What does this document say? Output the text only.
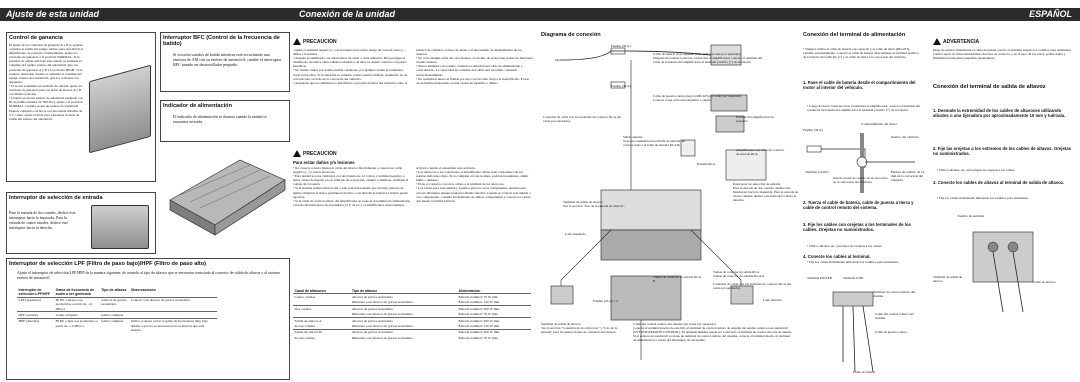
Ajuste de esta unidad
Control de ganancia
El ajuste de los controles de ganancia A y B le ayudan a igualar la salida del equipo estéreo para automóvil al amplificador de potencia. Normalmente, ajuste los controles de ganancia a la posición NORMAL. Si la potencia de salida está baja aún cuando se aumenta el volumen del equipo estéreo del automóvil, gire los controles de ganancia A y B a la posición HIGH. Si se produce distorsión cuando se aumenta el volumen del equipo estéreo del automóvil, gire los controles a la izquierda.
• Si se usa solamente un enchufe de entrada, ajuste los controles de ganancia para los lados de altavoz A y B a la misma posición.
• Cuando se usa un estéreo de automóvil equipado con RCA (salida estándar de 500 mV), ajuste a la posición NORMAL. Cuando se usa un estéreo de automóvil Pioneer equipado con RCA con una salida máxima de 4 V o más, ajuste el nivel para adecuarse al nivel de salida del estéreo del automóvil.
Interruptor BFC (Control de la frecuencia de batido)
Si escucha sonidos de batido mientras está escuchando una emisora de AM con su estéreo de automóvil, cambie el interruptor BFC usando un destornillador pequeño.
Indicador de alimentación
El indicador de alimentación se ilumina cuando la unidad se encuentra activada.
Interruptor de selección de entrada
Pase la entrada de dos canales, deslice este interruptor hacia la izquierda. Para la entrada de cuatro canales, deslice este interruptor hacia la derecha.
Interruptor de selección LPF (Filtro de paso bajo)/HPF (Filtro de paso alto)
Ajuste el interruptor de selección LPF/HPF de la manera siguiente, de acuerdo al tipo de altavoz que se encuentra conectado al conector de salida de altavoz y al sistema estéreo de automóvil.
Interruptor de selección LPF/HPF	Gama de frecuencia de audio a ser generada	Tipo de altavoz	Observaciones
LPF (izquierda)	80 Hz o menos son producidos a partir de –12 dB/oct.	Altavoz de graves secundario	Conecte a un altavoz de graves secundario
OFF (central)	Gama completa	Gama completa	
HPF (derecha)	80 Hz o más son producidos a partir de –12 dB/oct.	Gama completa	Utilice si desea cortar la gama de frecuencias muy baja debido a que no es necesaria para el altavoz que está usando.
Conexión de la unidad	ESPAÑOL
PRECAUCION
• Quite el terminal negativo (–) de la batería para evitar riesgo de cortocircuitos y daños a la unidad.
• Asegure el alambrado con abrazaderas de cable o cinta adhesiva. Para proteger el alambrado, envuelva cinta adhesiva alrededor de ellos en donde contacta con partes metálicas.
• No instale cables por donde puedan calentarse, por ejemplo donde el calentador sopla sobre ellos. Si la aislación se calienta, podría resultar dañada, resultando en un cortocircuito a través de la carrocería del vehículo.
• Asegúrese que los alambres no interfieran con partes móviles del vehículo como la palanca de cambios, el freno de mano o el mecanismo de deslizamiento de los asientos.
• No corte ningún cable. De otra manera, el circuito de protección podría no funcionar cuando debiera.
• Nunca alimente otro equipo cortando la aislación del cable de alimentación y conectándolo. La capacidad de corriente del cable será excedida, causando sobrecalentamiento.
• No reemplace nunca el fusible por uno con un valor mayor al especificado. El uso de un fusible inadecuado podría causar un incendio o daños.
PRECAUCION
Para evitar daños y/o lesiones
• No conecte a tierra (masa) el cable del altavoz directamente o conecte un cable negativo (–) a varios altavoces.
• Esta unidad es para vehículos con una batería de 12 voltios y terminal negativo a tierra. Antes de instalar en un vehículo de recreación, camión o ómnibus, verifique el voltaje de la batería.
• Si el sistema estéreo/altavoz del coche está funcionando por un largo período de tiempo mientras el motor permanece inactivo o en marcha al ralentí, la batería puede agotarse.
• Si el cable de control remoto del amplificador se conecta al terminal de alimentación a través del interruptor de encendido (12 V de CC), el amplificador estará siempre activado cuando el encendido esté activado.
• Los altavoces a ser conectados al amplificador deben estar conformes con las normas indicadas abajo. Si no cumplen con las normas, podrían incendiarse, emitir humo o dañarse.
• Evite el contacto con otros cables a la terminal de los altavoces.
• Los cables para esta unidad y aquéllos para los otros componentes pueden tener colores diferentes aunque tengan la misma función. Cuando se conecta esta unidad a otro componente, consulte los manuales de ambos componentes y conecte los cables que tienen la misma función.
Canal de altavoces	Tipo de altavoz	Alimentación
Cuatro canales	Altavoz de graves secundario	Entrada nominal: 70 W mín.
	Diferente a un altavoz de graves secundario	Entrada nominal: 120 W mín.
Dos canales	Altavoz de graves secundario	Entrada nominal: 200 W mín.
	Diferente a un altavoz de graves secundario	Entrada nominal: 70 W mín.
Salida de altavoz A	Altavoz de graves secundario	Entrada nominal: 200 W mín.
de tres canales	Diferente a un altavoz de graves secundario	Entrada nominal: 120 W mín.
Salida de altavoz B	Altavoz de graves secundario	Entrada nominal: 300 W mín.
de tres canales	Diferente a un altavoz de graves secundario	Entrada nominal: 70 W mín.
Diagrama de conexión
Fusible (30 A)
Ojal
Fusible (30 A)
Cable de batería (rojo especial (RD-223) (en venta por separado)
Después de realizar todas las conexiones al amplificador, conecte el terminal del cable de la batería del amplificador al terminal positivo (+) de la batería.
Cable de puesta a tierra (negro (RD-223) (en venta por separado)
Conecte a una carrocería metálica o chasis.
Conexión de cable con los enchufes de conector RCA (en venta por separado).
Salida externa
Si se usa solamente un enchufe de entrada, no conecte nada a la toma de entrada RCA B.
Entrada RCA
Entrada del amplificador de potencia
Amplificador con toma de conector de entrada RCA
Interruptor de selección de entrada
Para la entrada de dos canales, deslice este interruptor hacia la izquierda. Para la entrada de cuatro canales, deslice este interruptor hacia la derecha.
Terminal de salida de altavoz
Vea la sección "Uso de la entrada de altavoz".
Lado izquierdo
Lado derecho
Tomas de conector de entrada RCA B
Tomas de conector de salida RCA
Tomas de conector de entrada RCA A
Fusible (25 A) × 2
Conexión de cable con los enchufes de conector RCA (en venta por separado).
Terminal de salida de altavoz
Vea la sección "Conexión de los altavoces" y "Uso de la entrada" para las instrucciones de conexión del altavoz.
Cable del control remoto del sistema (en venta por separado)
Conecte el terminal macho de este hilo al terminal de control remoto de sistema del equipo estéreo para automóvil (SYSTEM REMOTE CONTROL). El terminal hembra puede ser conectado al terminal de control del relé de antena. Si el estéreo de automóvil no tiene un terminal de control remoto del sistema, conecte el terminal macho al terminal de alimentación a través del interruptor de encendido.
Conexión del terminal de alimentación
• Siempre utilice el cable de batería rojo especial y el cable de tierra [RD-223], vendido separadamente. Conecte el cable de batería directamente al terminal positivo de la batería del vehículo (+) y el cable de tierra a la carrocería del vehículo.
1. Pase el cable de batería desde el compartimiento del motor al interior del vehículo.
• Luego de hacer todas las otras conexiones al amplificador, conecte el terminal del conductor de batería del amplificador al terminal positivo (+) de la batería.
Fusible (30 A)
Compartimiento del motor
Interior del vehículo
Terminal positivo
Inserte el ojal de caucho de la carrocería en la carrocería del vehículo.
Perfore un orificio de 14 mm en la carrocería del vehículo.
2. Tuerza el cable de batería, cable de puesta a tierra y cable de control remoto del sistema.
3. Fije los cables con orejetas a los terminales de los cables. Orejetas no suministrados.
• Utilice alicates, etc. para fijar las orejetas a los cables.
4. Conecte los cables al terminal.
• Fije los cables firmemente utilizando los tornillos para terminales.
Terminal POWER	Terminal GND
Terminal de control remoto del sistema
Cable del control remoto del sistema
Cable de puesta a tierra
Cable de batería
ADVERTENCIA
Dejar de apretar firmemente el cable de puesta a tierra al terminal usando los tornillos para terminales podría causar el sobrecalentamiento del área de contacto, y en el peor de los casos, podría dañar y finalmente incluyendo pequeñas quemaduras.
Conexión del terminal de salida de altavoz
1. Desnude la extremidad de los cables de altavoces utilizando alicates o una tijeradora por aproximadamente 10 mm y tuérzala.
2. Fije las orejetas a los extremos de los cables de altavoz. Orejetas no suministrados.
• Utilice alicates, etc. para plegar las orejetas a los cables.
3. Conecte los cables de altavoz al terminal de salida de altavoz.
• Fije los cables firmemente utilizando los tornillos para terminales.
Tornillo de terminal
Terminal de salida de altavoz	Cable de altavoz
